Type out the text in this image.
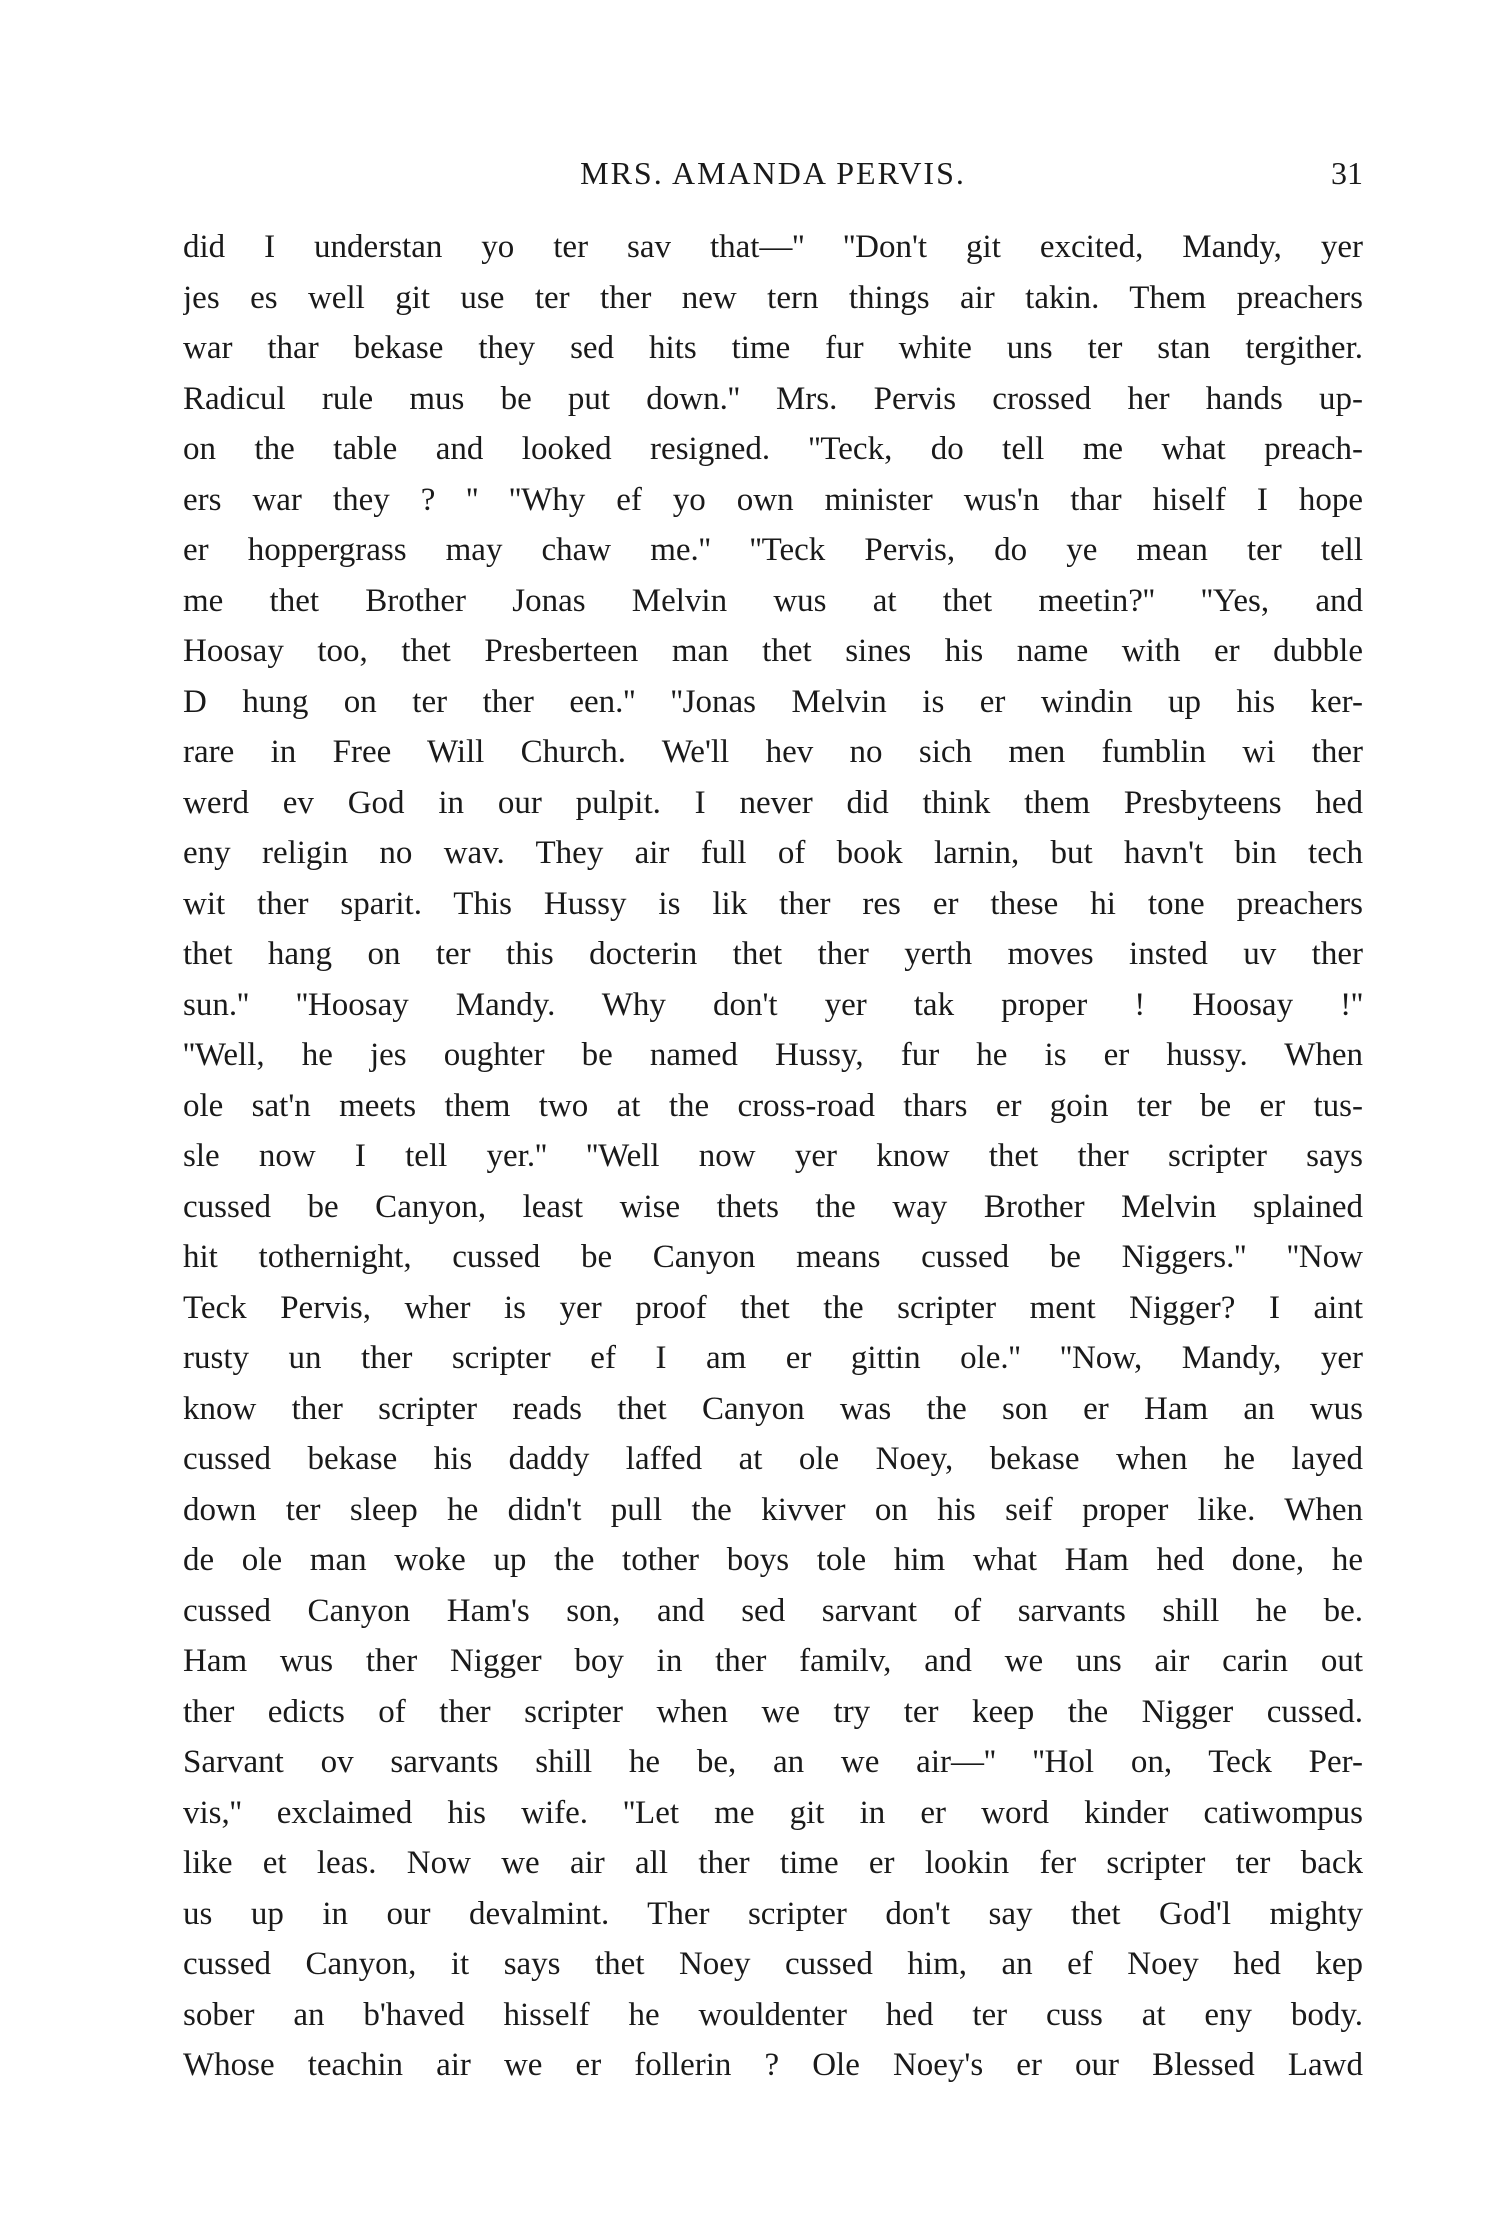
MRS. AMANDA PERVIS.	31
did I understan yo ter sav that—'' ''Don't git excited, Mandy, yer
jes es well git use ter ther new tern things air takin. Them preachers
war thar bekase they sed hits time fur white uns ter stan tergither.
Radicul rule mus be put down.'' Mrs. Pervis crossed her hands up-
on the table and looked resigned. ''Teck, do tell me what preach-
ers war they ? '' ''Why ef yo own minister wus'n thar hiself I hope
er hoppergrass may chaw me.'' ''Teck Pervis, do ye mean ter tell
me thet Brother Jonas Melvin wus at thet meetin?'' ''Yes, and
Hoosay too, thet Presberteen man thet sines his name with er dubble
D hung on ter ther een.'' ''Jonas Melvin is er windin up his ker-
rare in Free Will Church. We'll hev no sich men fumblin wi ther
werd ev God in our pulpit. I never did think them Presbyteens hed
eny religin no wav. They air full of book larnin, but havn't bin tech
wit ther sparit. This Hussy is lik ther res er these hi tone preachers
thet hang on ter this docterin thet ther yerth moves insted uv ther
sun.'' ''Hoosay Mandy. Why don't yer tak proper ! Hoosay !''
''Well, he jes oughter be named Hussy, fur he is er hussy. When
ole sat'n meets them two at the cross-road thars er goin ter be er tus-
sle now I tell yer.'' ''Well now yer know thet ther scripter says
cussed be Canyon, least wise thets the way Brother Melvin splained
hit tothernight, cussed be Canyon means cussed be Niggers.'' ''Now
Teck Pervis, wher is yer proof thet the scripter ment Nigger? I aint
rusty un ther scripter ef I am er gittin ole.'' ''Now, Mandy, yer
know ther scripter reads thet Canyon was the son er Ham an wus
cussed bekase his daddy laffed at ole Noey, bekase when he layed
down ter sleep he didn't pull the kivver on his seif proper like. When
de ole man woke up the tother boys tole him what Ham hed done, he
cussed Canyon Ham's son, and sed sarvant of sarvants shill he be.
Ham wus ther Nigger boy in ther familv, and we uns air carin out
ther edicts of ther scripter when we try ter keep the Nigger cussed.
Sarvant ov sarvants shill he be, an we air—'' ''Hol on, Teck Per-
vis,'' exclaimed his wife. ''Let me git in er word kinder catiwompus
like et leas. Now we air all ther time er lookin fer scripter ter back
us up in our devalmint. Ther scripter don't say thet God'l mighty
cussed Canyon, it says thet Noey cussed him, an ef Noey hed kep
sober an b'haved hisself he wouldenter hed ter cuss at eny body.
Whose teachin air we er follerin ? Ole Noey's er our Blessed Lawd
